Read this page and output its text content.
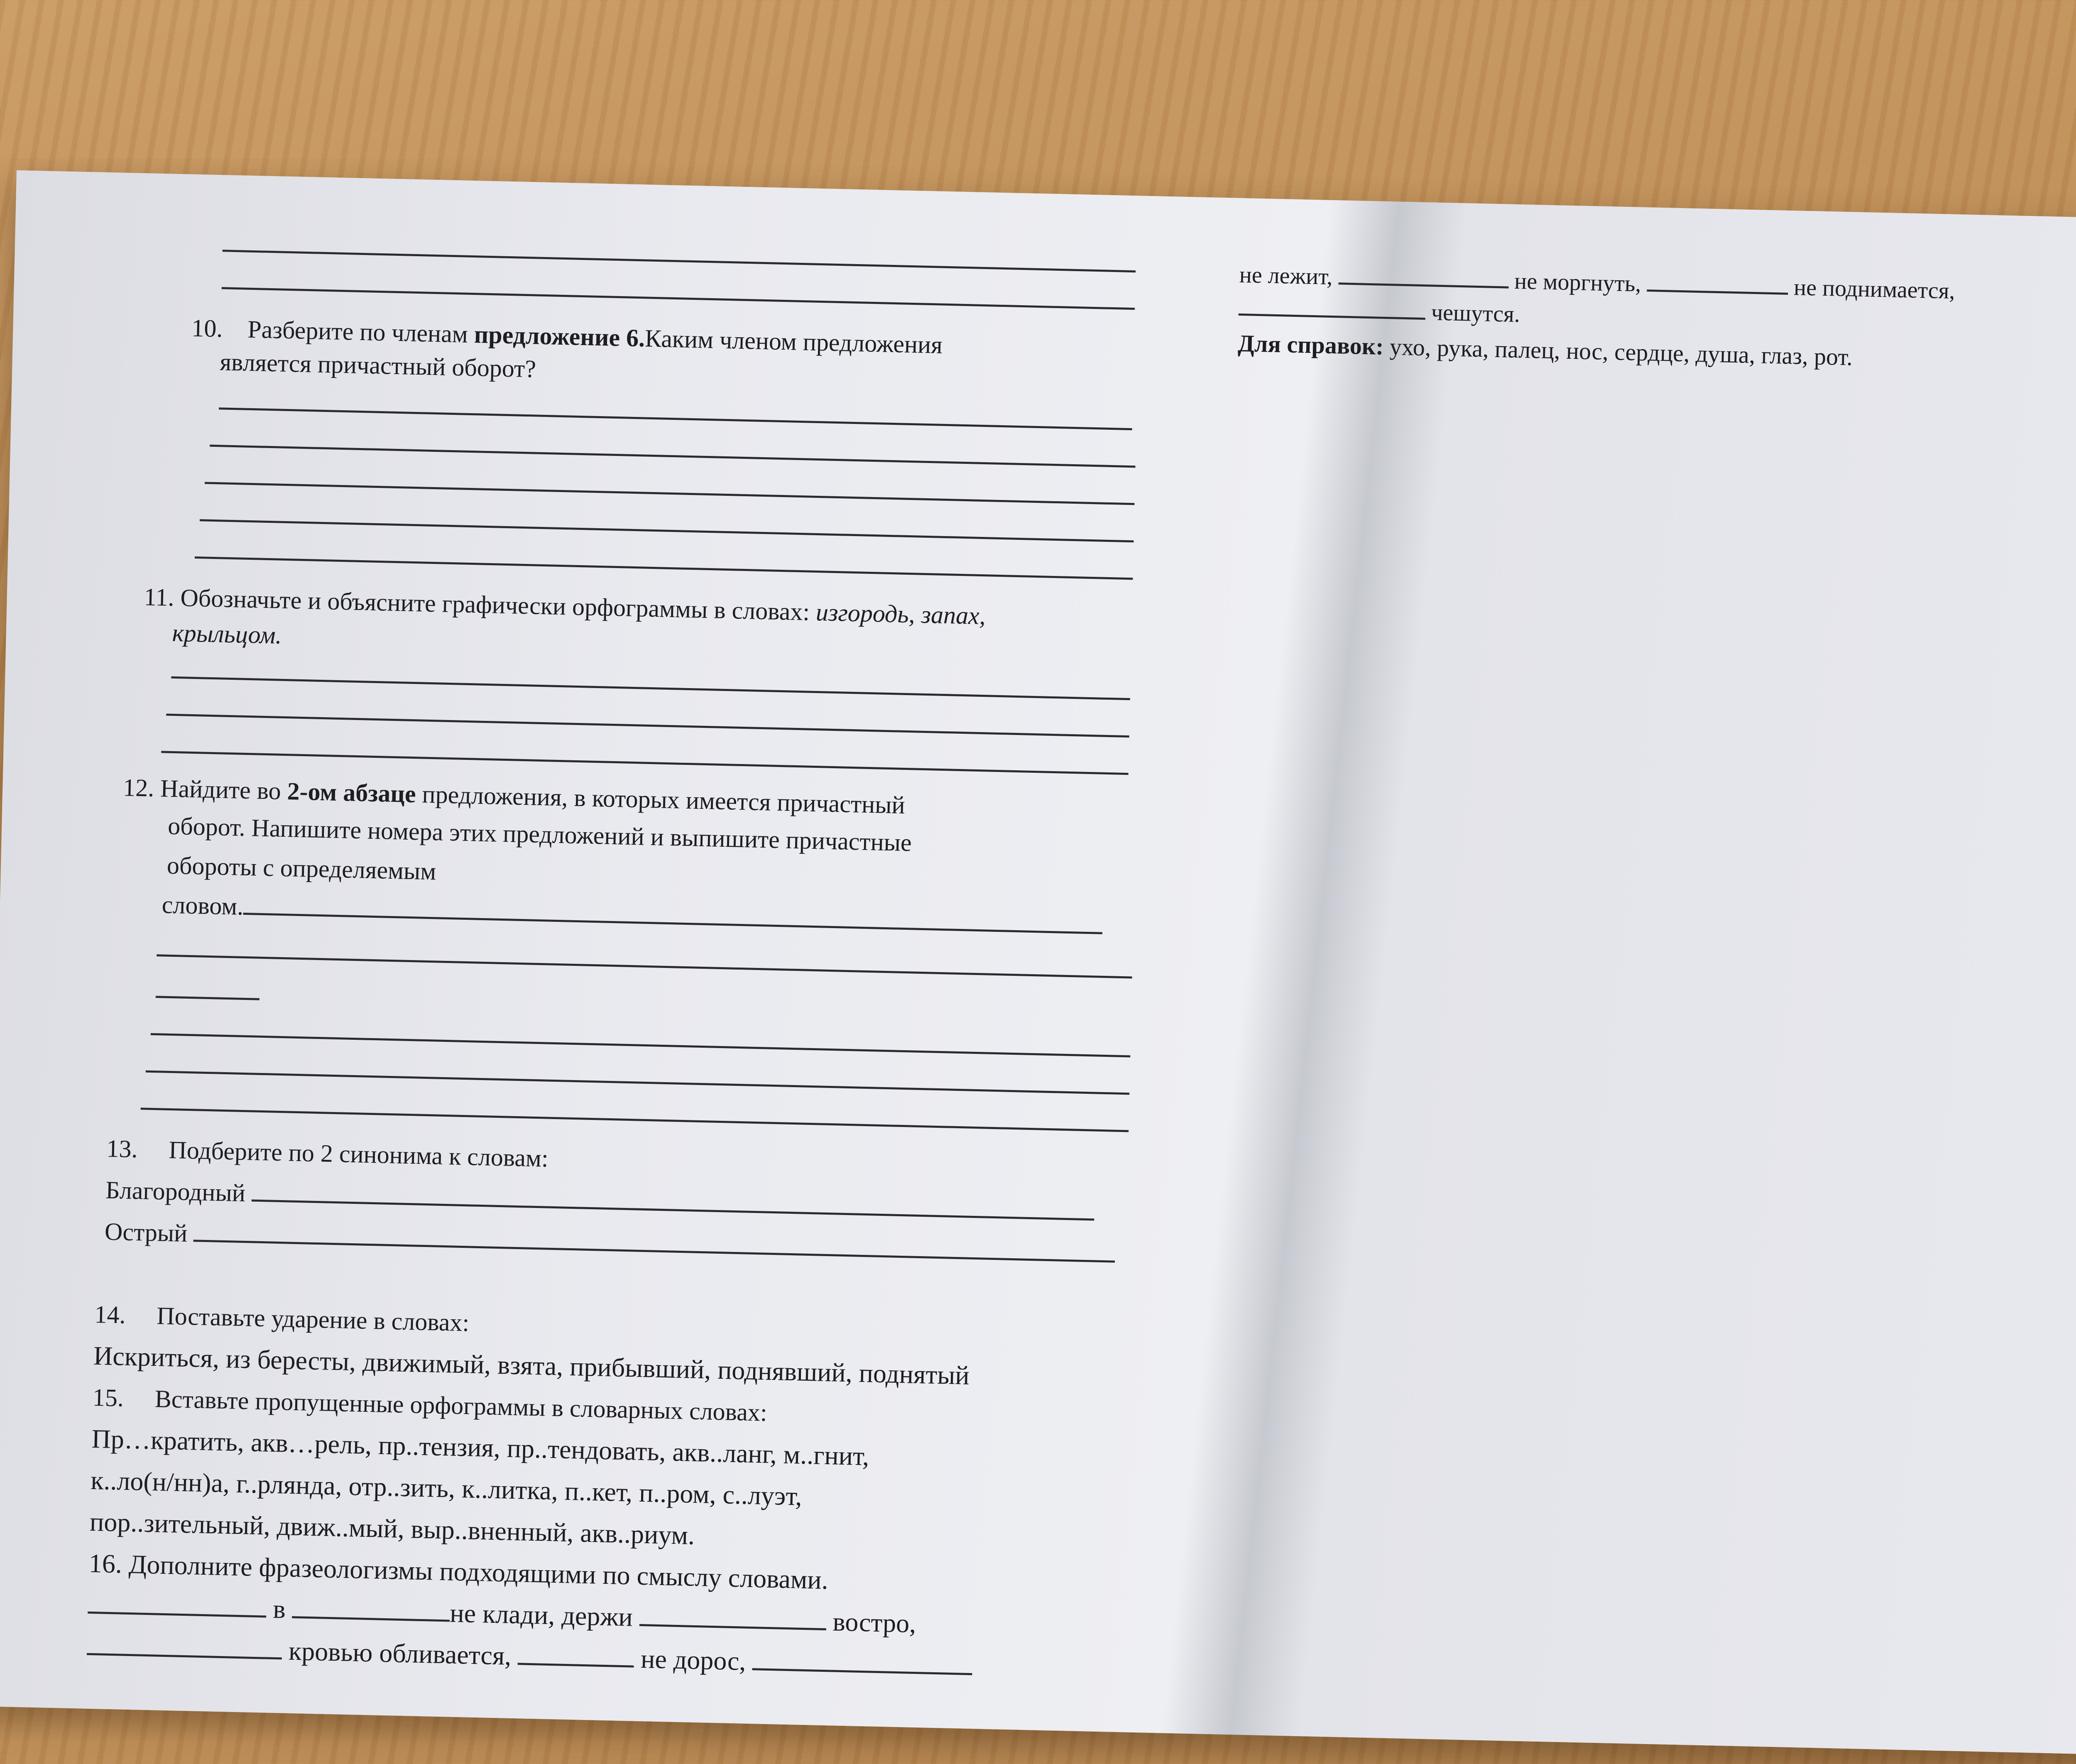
10. Разберите по членам предложение 6.Каким членом предложения
является причастный оборот?
11. Обозначьте и объясните графически орфограммы в словах: изгородь, запах,
крыльцом.
12. Найдите во 2-ом абзаце предложения, в которых имеется причастный
оборот. Напишите номера этих предложений и выпишите причастные
обороты с определяемым
словом.
13. Подберите по 2 синонима к словам:
Благородный
Острый
14. Поставьте ударение в словах:
Искриться, из бересты, движимый, взята, прибывший, поднявший, поднятый
15. Вставьте пропущенные орфограммы в словарных словах:
Пр…кратить, акв…рель, пр..тензия, пр..тендовать, акв..ланг, м..гнит,
к..ло(н/нн)а, г..рлянда, отр..зить, к..литка, п..кет, п..ром, с..луэт,
пор..зительный, движ..мый, выр..вненный, акв..риум.
16. Дополните фразеологизмы подходящими по смыслу словами.
в	не клади, держи	востро,
кровью обливается,	не дорос,
не лежит,	не моргнуть,	не поднимается,
чешутся.
Для справок: ухо, рука, палец, нос, сердце, душа, глаз, рот.
